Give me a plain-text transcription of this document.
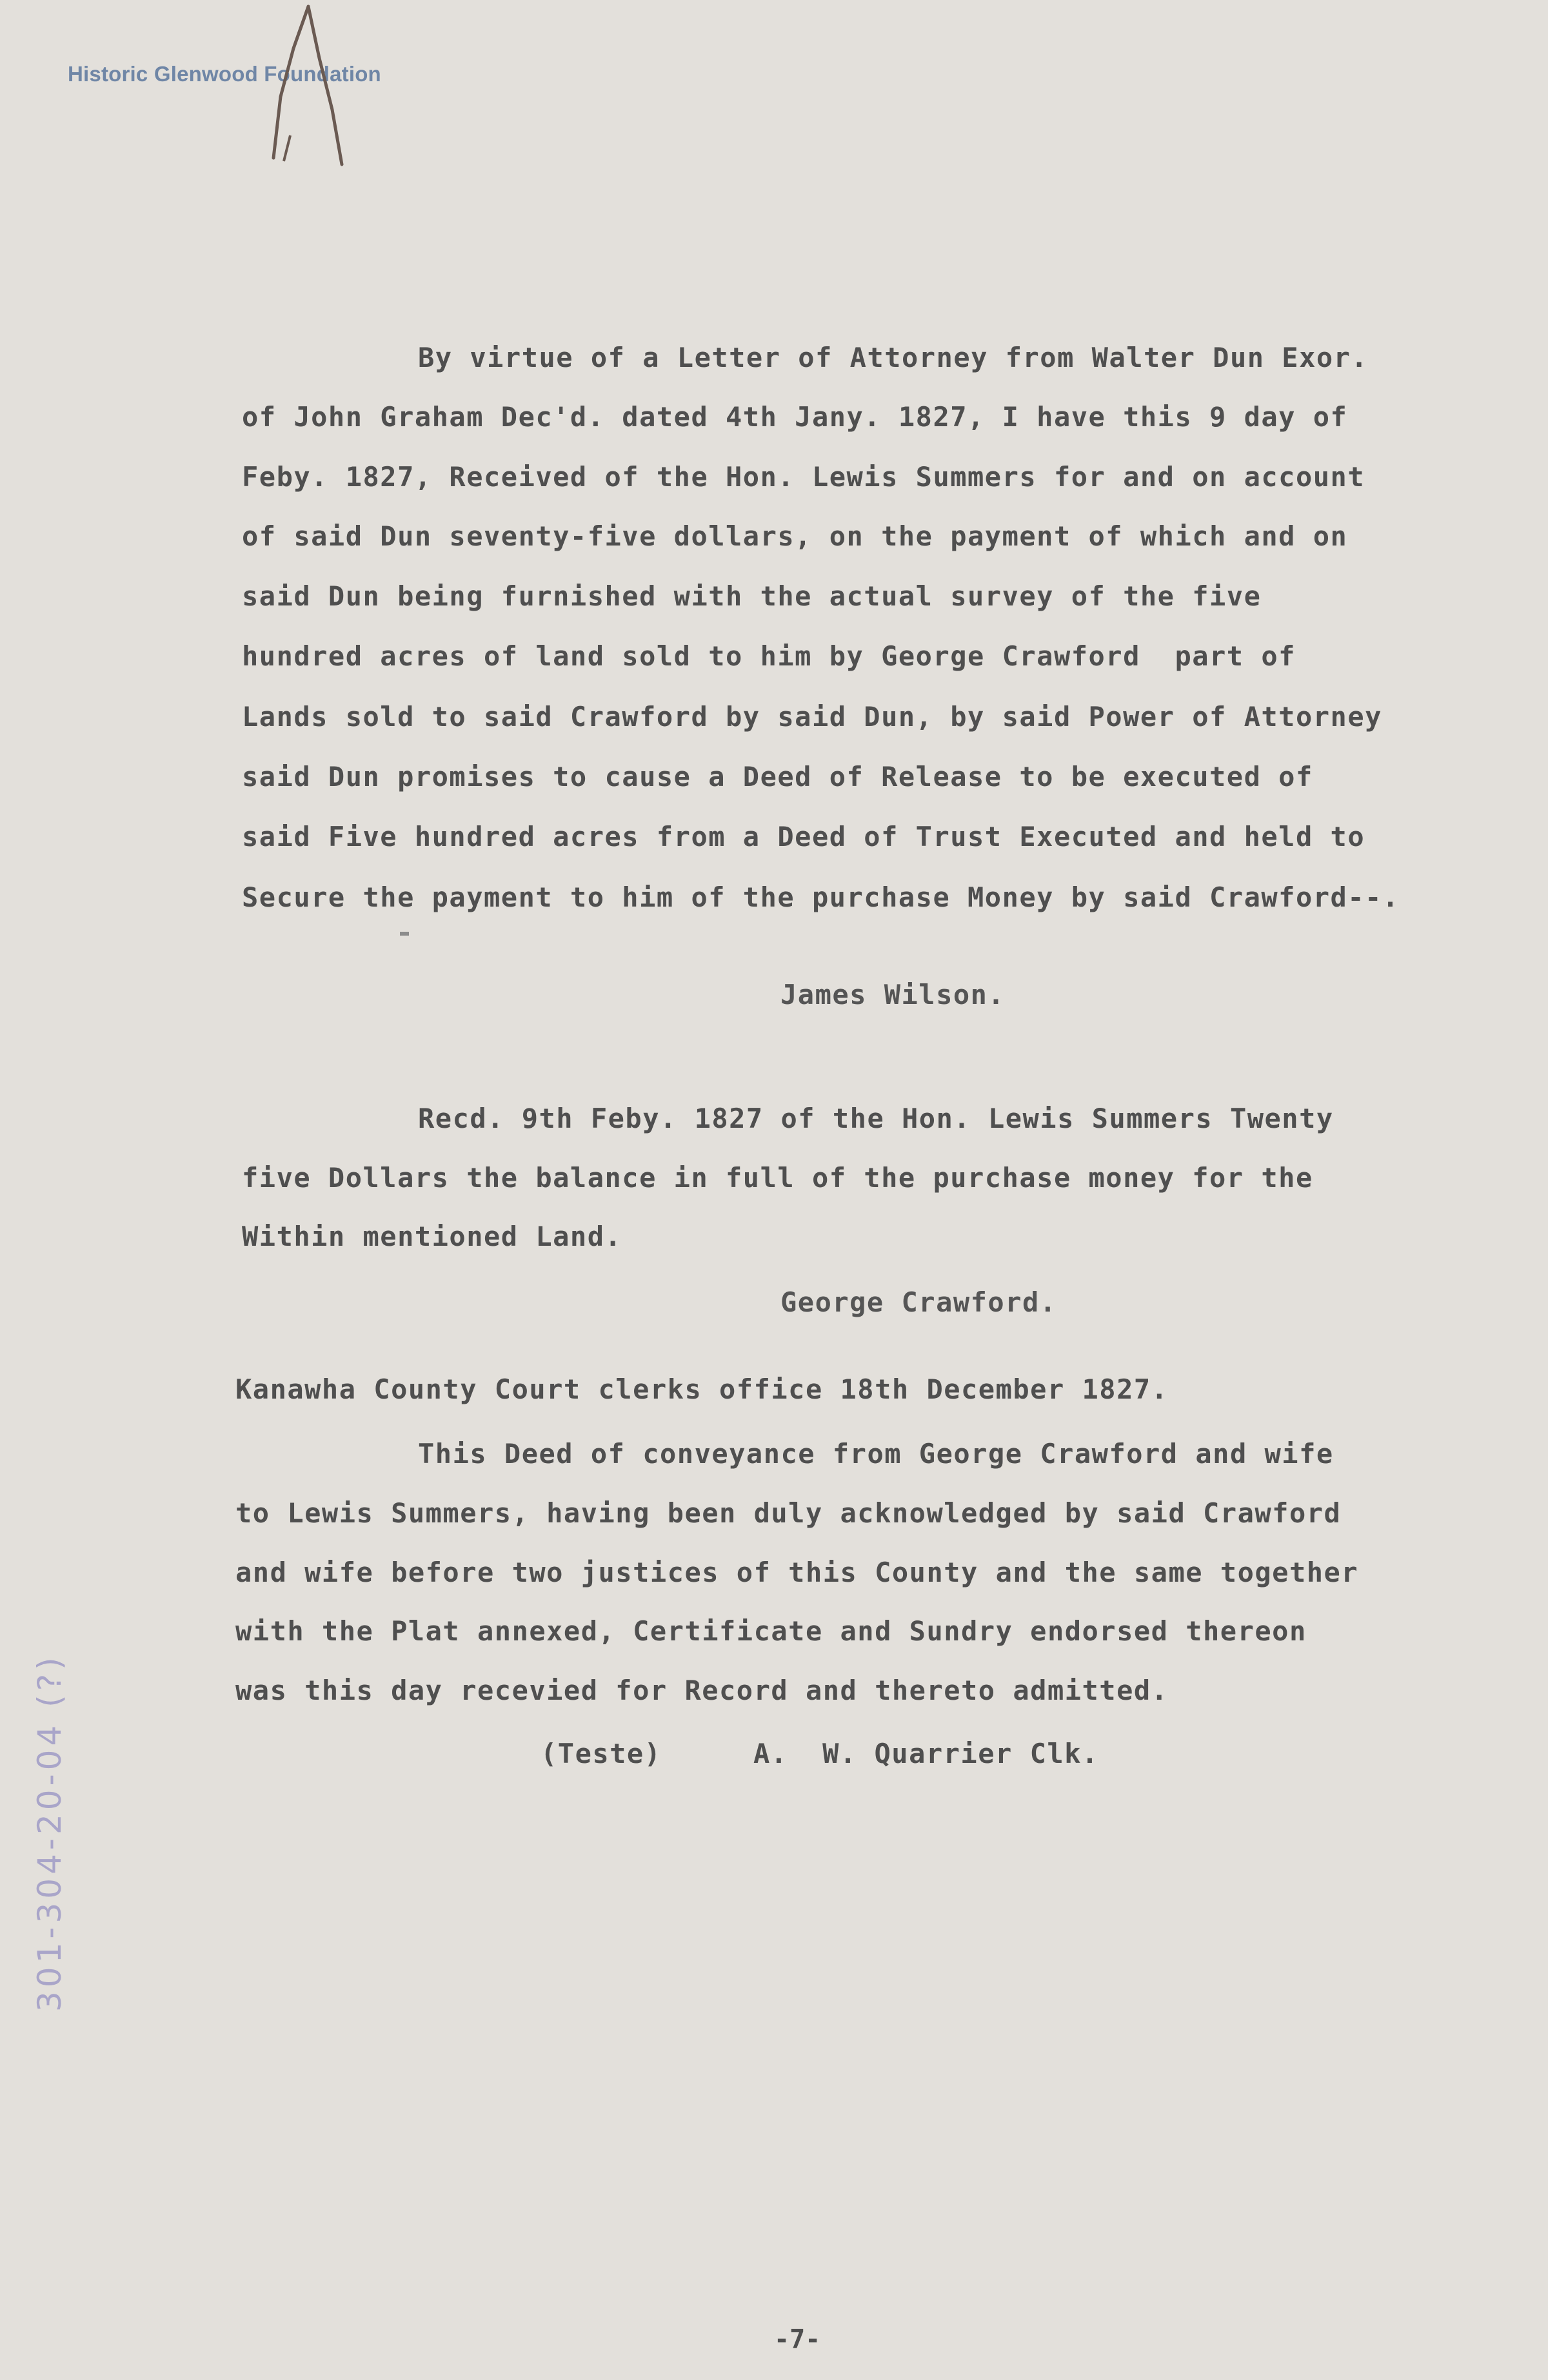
Historic Glenwood Foundation
301-304-20-04 (?)
By virtue of a Letter of Attorney from Walter Dun Exor.
of John Graham Dec'd. dated 4th Jany. 1827, I have this 9 day of
Feby. 1827, Received of the Hon. Lewis Summers for and on account
of said Dun seventy-five dollars, on the payment of which and on
said Dun being furnished with the actual survey of the five
hundred acres of land sold to him by George Crawford  part of
Lands sold to said Crawford by said Dun, by said Power of Attorney
said Dun promises to cause a Deed of Release to be executed of
said Five hundred acres from a Deed of Trust Executed and held to
Secure the payment to him of the purchase Money by said Crawford--.
James Wilson.
Recd. 9th Feby. 1827 of the Hon. Lewis Summers Twenty
five Dollars the balance in full of the purchase money for the
Within mentioned Land.
George Crawford.
Kanawha County Court clerks office 18th December 1827.
This Deed of conveyance from George Crawford and wife
to Lewis Summers, having been duly acknowledged by said Crawford
and wife before two justices of this County and the same together
with the Plat annexed, Certificate and Sundry endorsed thereon
was this day recevied for Record and thereto admitted.
(Teste)	A.  W. Quarrier Clk.
-7-
